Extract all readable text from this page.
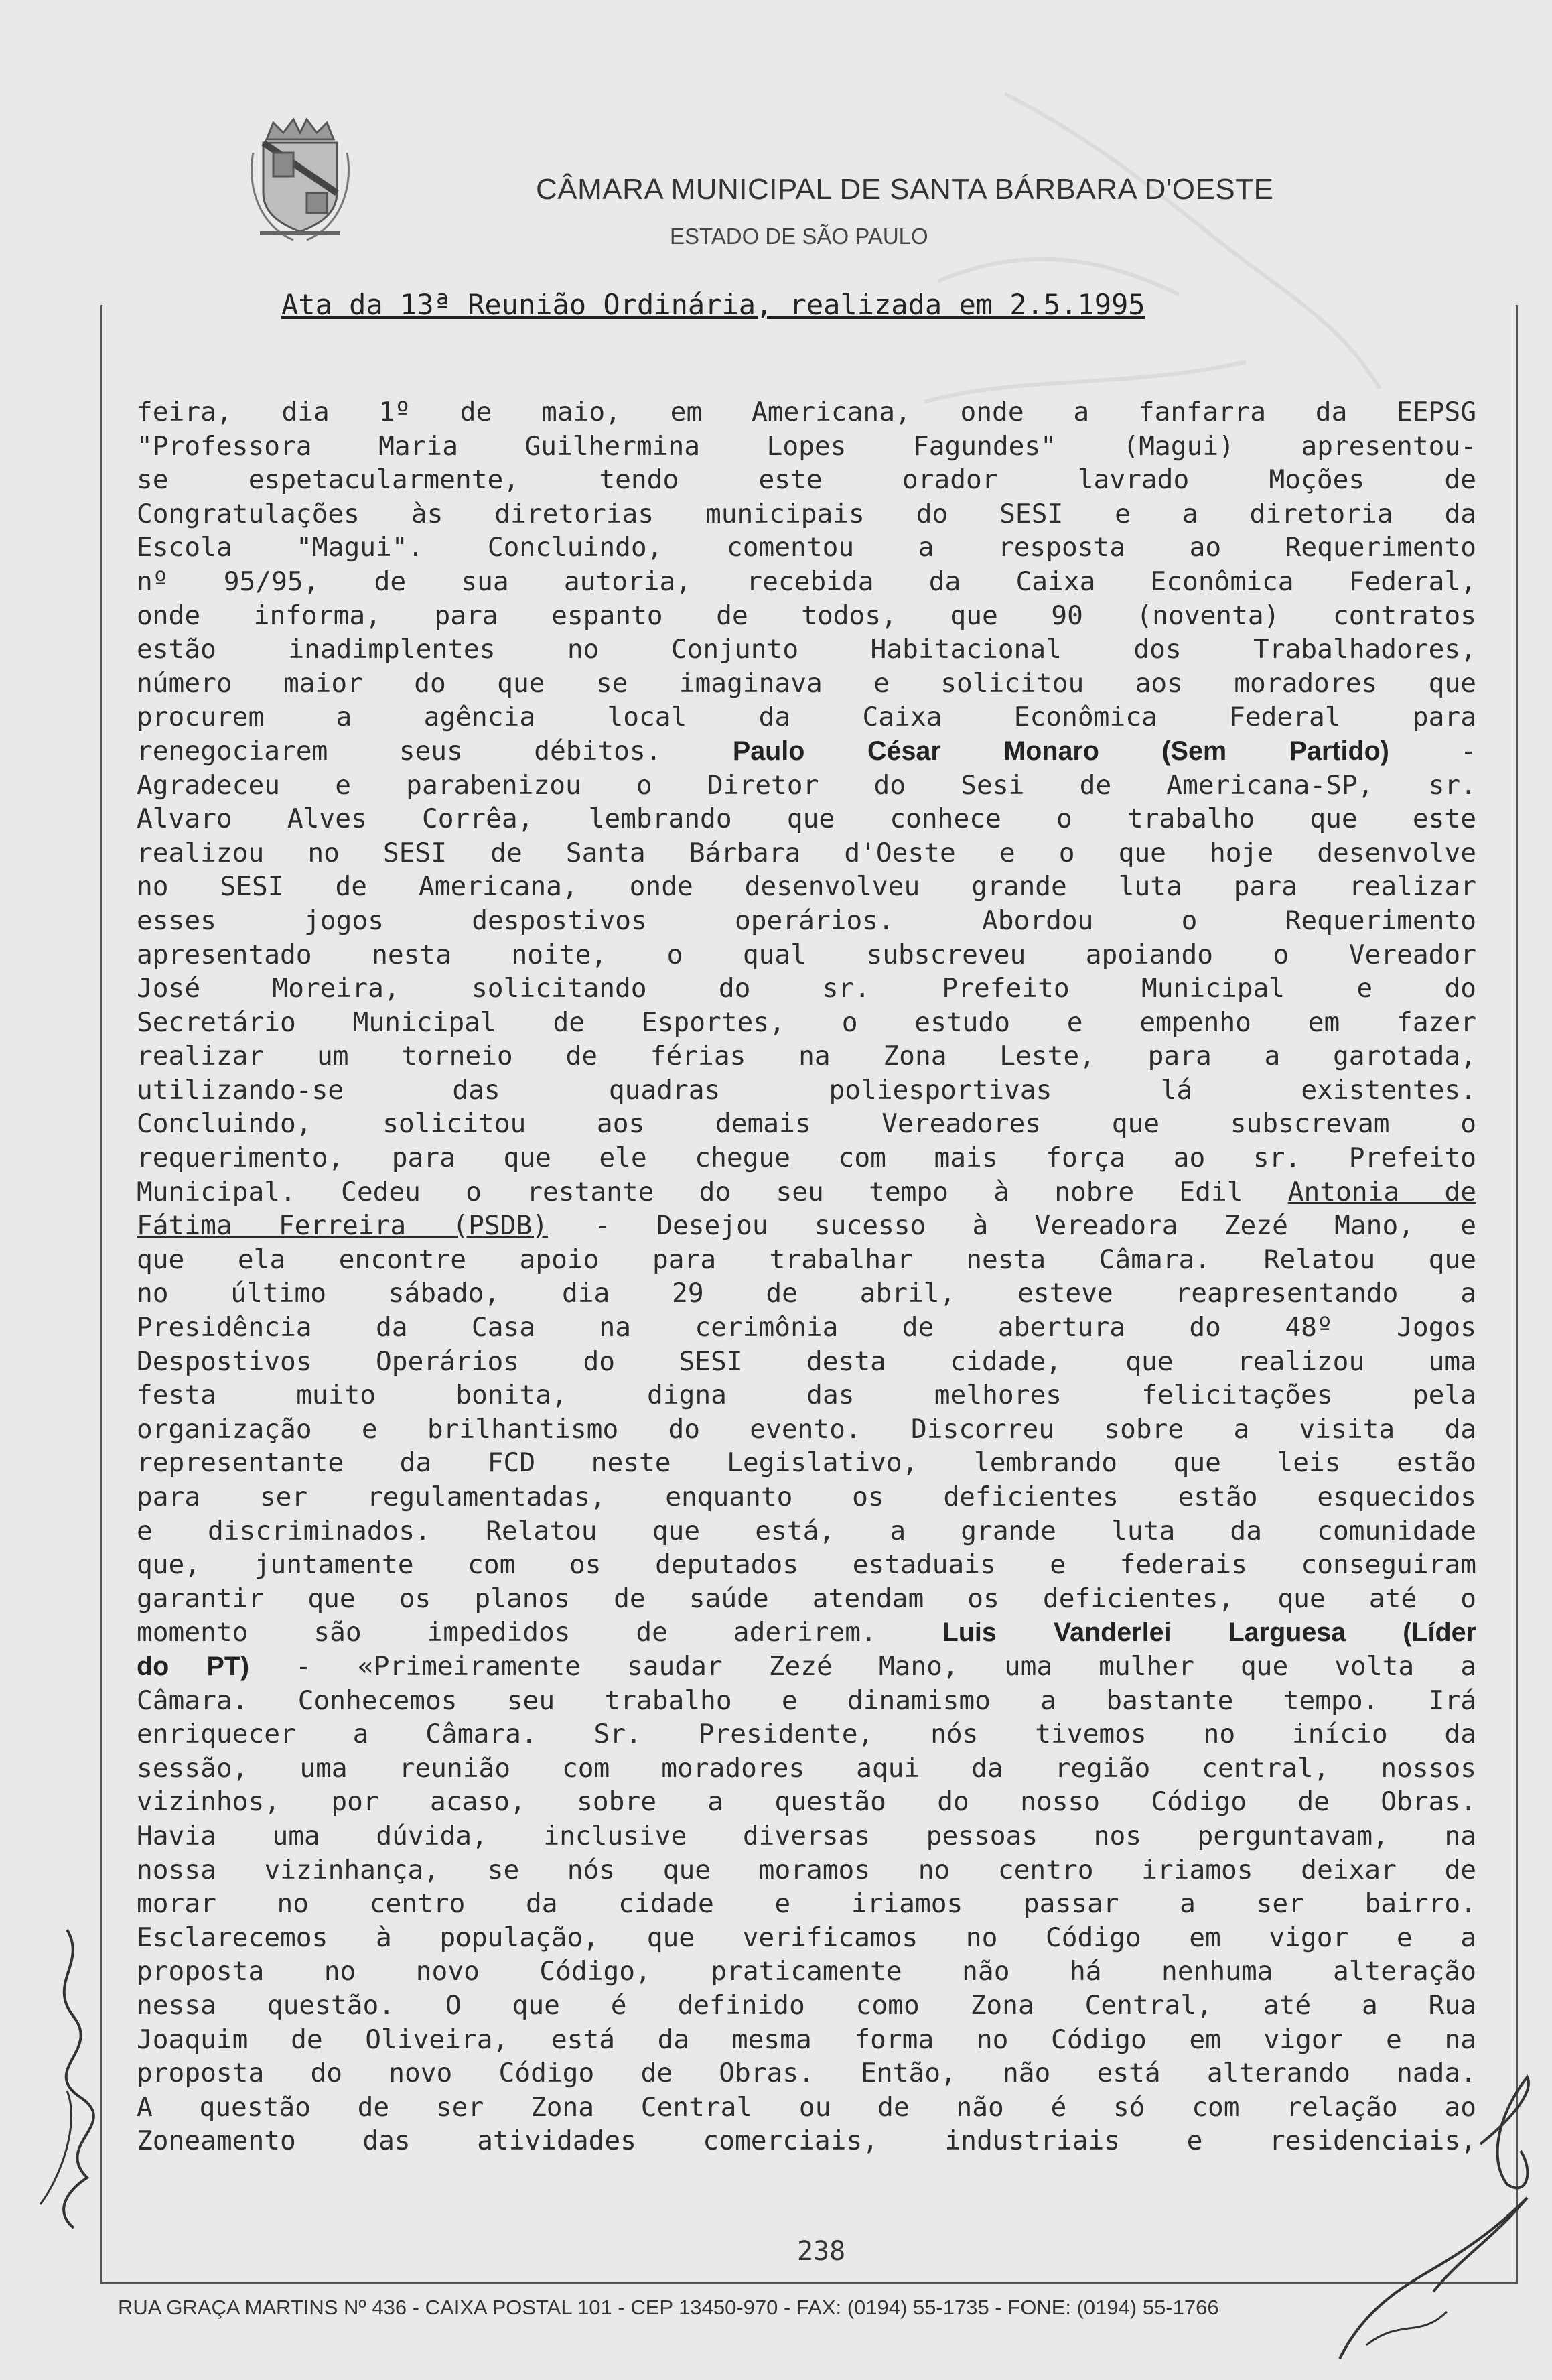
CÂMARA MUNICIPAL DE SANTA BÁRBARA D'OESTE
ESTADO DE SÃO PAULO
Ata da 13ª Reunião Ordinária, realizada em 2.5.1995

feira, dia 1º de maio, em Americana, onde a fanfarra da EEPSG

"Professora Maria Guilhermina Lopes Fagundes" (Magui) apresentou-

se espetacularmente, tendo este orador lavrado Moções de

Congratulações às diretorias municipais do SESI e a diretoria da

Escola "Magui". Concluindo, comentou a resposta ao Requerimento

nº 95/95, de sua autoria, recebida da Caixa Econômica Federal,

onde informa, para espanto de todos, que 90 (noventa) contratos

estão inadimplentes no Conjunto Habitacional dos Trabalhadores,

número maior do que se imaginava e solicitou aos moradores que

procurem a agência local da Caixa Econômica Federal para

renegociarem seus débitos. Paulo César Monaro (Sem Partido) -

Agradeceu e parabenizou o Diretor do Sesi de Americana-SP, sr.

Alvaro Alves Corrêa, lembrando que conhece o trabalho que este

realizou no SESI de Santa Bárbara d'Oeste e o que hoje desenvolve

no SESI de Americana, onde desenvolveu grande luta para realizar

esses jogos despostivos operários. Abordou o Requerimento

apresentado nesta noite, o qual subscreveu apoiando o Vereador

José Moreira, solicitando do sr. Prefeito Municipal e do

Secretário Municipal de Esportes, o estudo e empenho em fazer

realizar um torneio de férias na Zona Leste, para a garotada,

utilizando-se das quadras poliesportivas lá existentes.

Concluindo, solicitou aos demais Vereadores que subscrevam o

requerimento, para que ele chegue com mais força ao sr. Prefeito

Municipal. Cedeu o restante do seu tempo à nobre Edil Antonia de

Fátima Ferreira (PSDB) - Desejou sucesso à Vereadora Zezé Mano, e

que ela encontre apoio para trabalhar nesta Câmara. Relatou que

no último sábado, dia 29 de abril, esteve reapresentando a

Presidência da Casa na cerimônia de abertura do 48º Jogos

Despostivos Operários do SESI desta cidade, que realizou uma

festa muito bonita, digna das melhores felicitações pela

organização e brilhantismo do evento. Discorreu sobre a visita da

representante da FCD neste Legislativo, lembrando que leis estão

para ser regulamentadas, enquanto os deficientes estão esquecidos

e discriminados. Relatou que está, a grande luta da comunidade

que, juntamente com os deputados estaduais e federais conseguiram

garantir que os planos de saúde atendam os deficientes, que até o

momento são impedidos de aderirem. Luis Vanderlei Larguesa (Líder

do PT) - «Primeiramente saudar Zezé Mano, uma mulher que volta a

Câmara. Conhecemos seu trabalho e dinamismo a bastante tempo. Irá

enriquecer a Câmara. Sr. Presidente, nós tivemos no início da

sessão, uma reunião com moradores aqui da região central, nossos

vizinhos, por acaso, sobre a questão do nosso Código de Obras.

Havia uma dúvida, inclusive diversas pessoas nos perguntavam, na

nossa vizinhança, se nós que moramos no centro iriamos deixar de

morar no centro da cidade e iriamos passar a ser bairro.

Esclarecemos à população, que verificamos no Código em vigor e a

proposta no novo Código, praticamente não há nenhuma alteração

nessa questão. O que é definido como Zona Central, até a Rua

Joaquim de Oliveira, está da mesma forma no Código em vigor e na

proposta do novo Código de Obras. Então, não está alterando nada.

A questão de ser Zona Central ou de não é só com relação ao

Zoneamento das atividades comerciais, industriais e residenciais,

238
RUA GRAÇA MARTINS Nº 436 - CAIXA POSTAL 101 - CEP 13450-970 - FAX: (0194) 55-1735 - FONE: (0194) 55-1766
